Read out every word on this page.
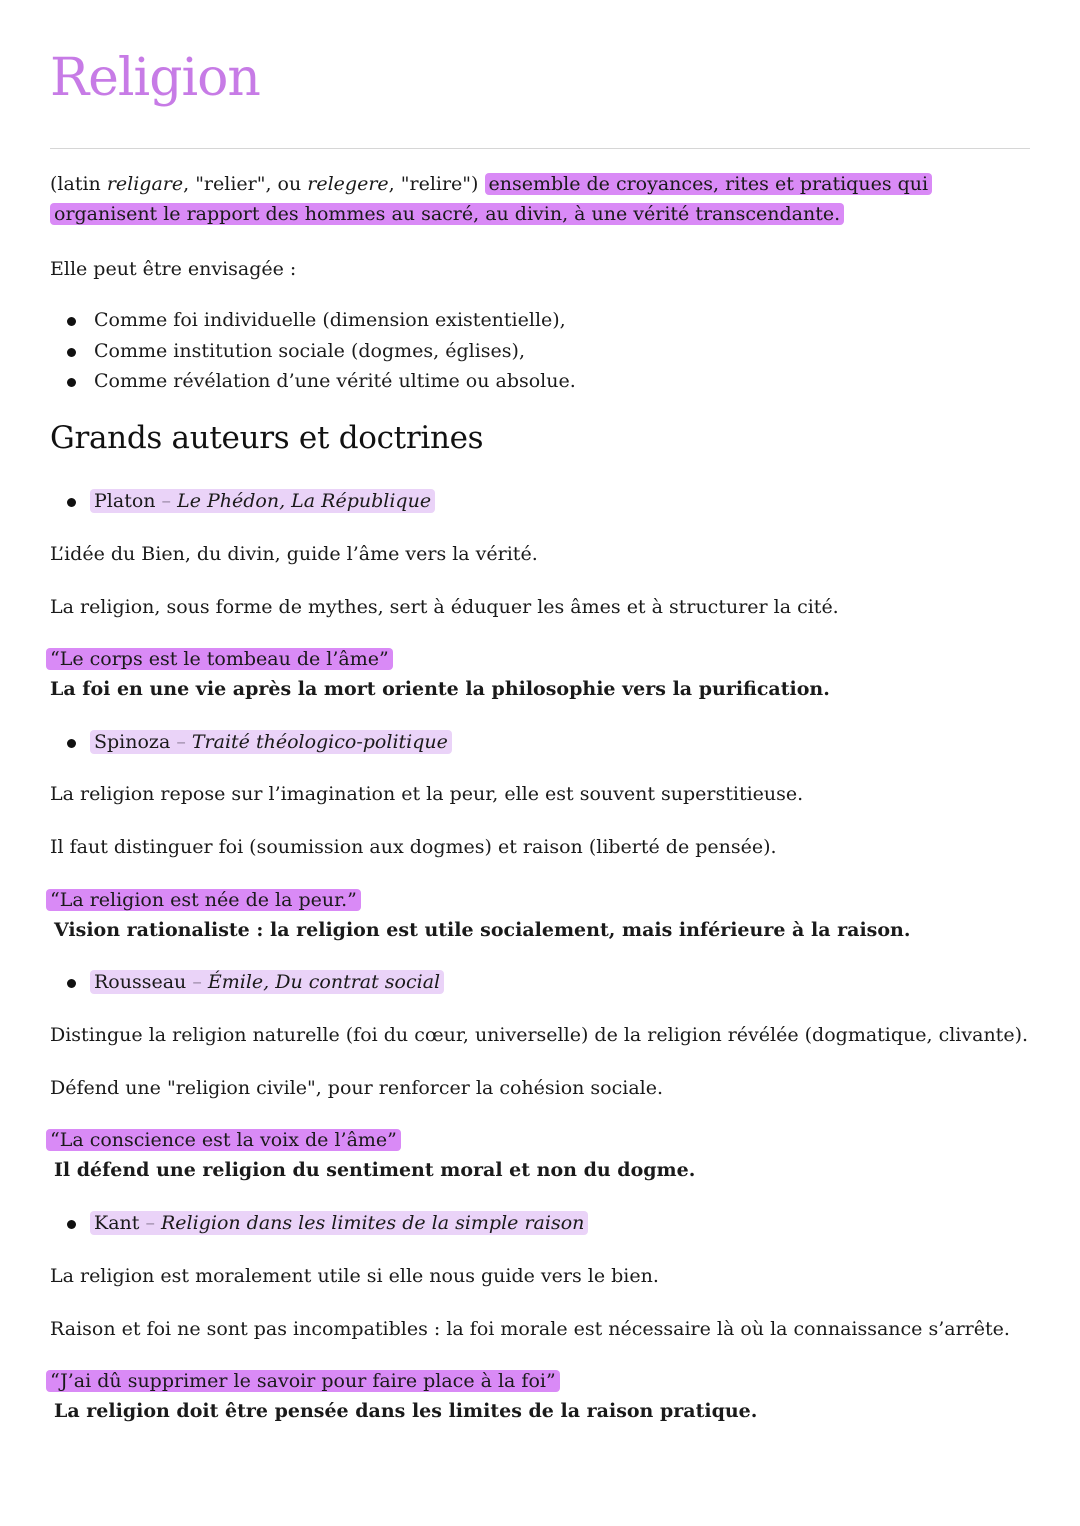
Religion
(latin religare, "relier", ou relegere, "relire") ensemble de croyances, rites et pratiques qui organisent le rapport des hommes au sacré, au divin, à une vérité transcendante.
Elle peut être envisagée :
Comme foi individuelle (dimension existentielle),
Comme institution sociale (dogmes, églises),
Comme révélation d’une vérité ultime ou absolue.
Grands auteurs et doctrines
Platon – Le Phédon, La République
L’idée du Bien, du divin, guide l’âme vers la vérité.
La religion, sous forme de mythes, sert à éduquer les âmes et à structurer la cité.
“Le corps est le tombeau de l’âme”
La foi en une vie après la mort oriente la philosophie vers la purification.
Spinoza – Traité théologico-politique
La religion repose sur l’imagination et la peur, elle est souvent superstitieuse.
Il faut distinguer foi (soumission aux dogmes) et raison (liberté de pensée).
“La religion est née de la peur.”
Vision rationaliste : la religion est utile socialement, mais inférieure à la raison.
Rousseau – Émile, Du contrat social
Distingue la religion naturelle (foi du cœur, universelle) de la religion révélée (dogmatique, clivante).
Défend une "religion civile", pour renforcer la cohésion sociale.
“La conscience est la voix de l’âme”
Il défend une religion du sentiment moral et non du dogme.
Kant – Religion dans les limites de la simple raison
La religion est moralement utile si elle nous guide vers le bien.
Raison et foi ne sont pas incompatibles : la foi morale est nécessaire là où la connaissance s’arrête.
“J’ai dû supprimer le savoir pour faire place à la foi”
La religion doit être pensée dans les limites de la raison pratique.
